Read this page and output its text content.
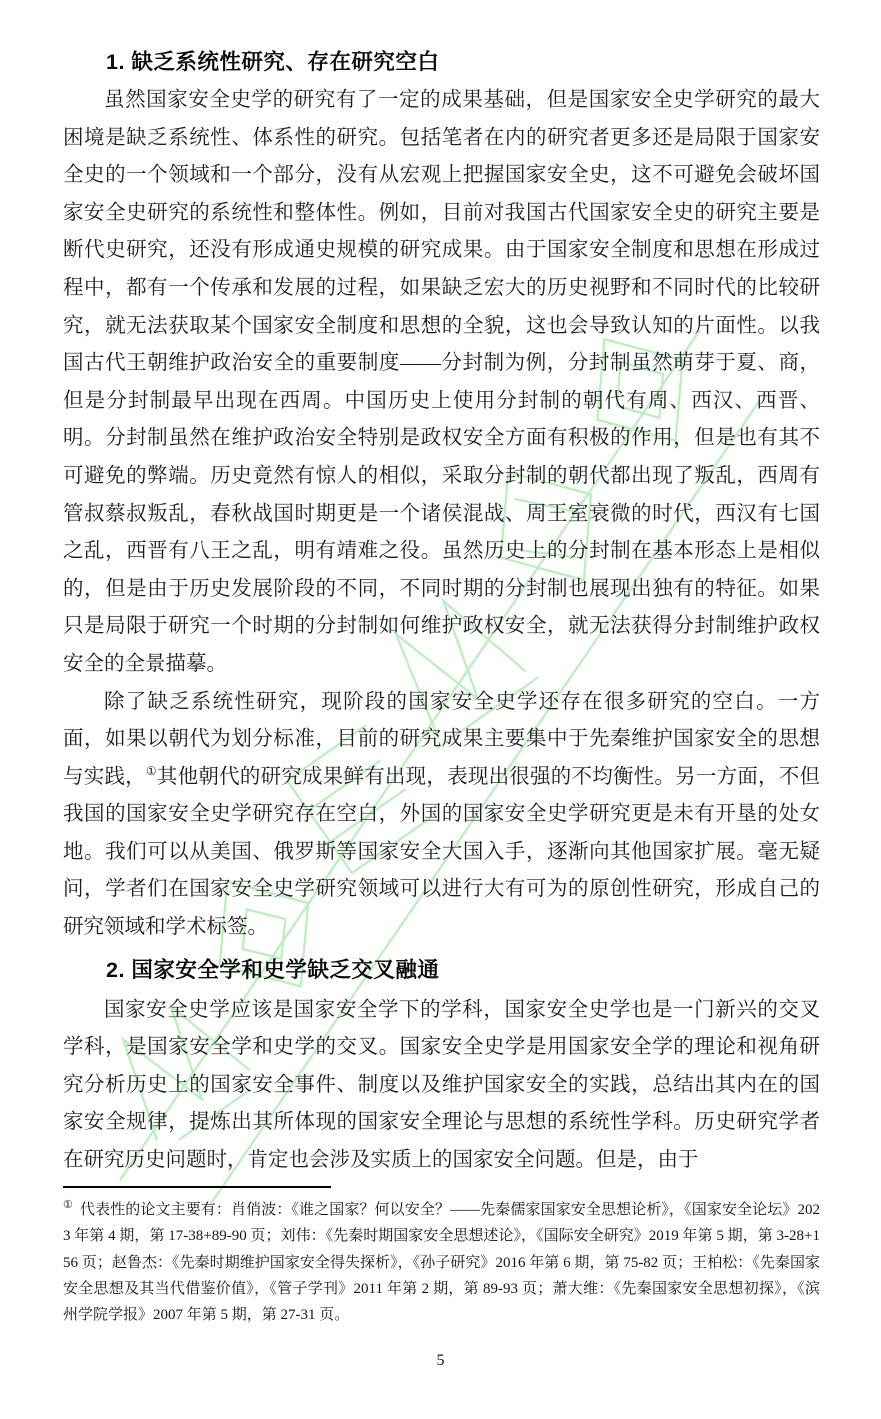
1. 缺乏系统性研究、存在研究空白

虽然国家安全史学的研究有了一定的成果基础，但是国家安全史学研究的最大困境是缺乏系统性、体系性的研究。包括笔者在内的研究者更多还是局限于国家安全史的一个领域和一个部分，没有从宏观上把握国家安全史，这不可避免会破坏国家安全史研究的系统性和整体性。例如，目前对我国古代国家安全史的研究主要是断代史研究，还没有形成通史规模的研究成果。由于国家安全制度和思想在形成过程中，都有一个传承和发展的过程，如果缺乏宏大的历史视野和不同时代的比较研究，就无法获取某个国家安全制度和思想的全貌，这也会导致认知的片面性。以我国古代王朝维护政治安全的重要制度——分封制为例，分封制虽然萌芽于夏、商，但是分封制最早出现在西周。中国历史上使用分封制的朝代有周、西汉、西晋、明。分封制虽然在维护政治安全特别是政权安全方面有积极的作用，但是也有其不可避免的弊端。历史竟然有惊人的相似，采取分封制的朝代都出现了叛乱，西周有管叔蔡叔叛乱，春秋战国时期更是一个诸侯混战、周王室衰微的时代，西汉有七国之乱，西晋有八王之乱，明有靖难之役。虽然历史上的分封制在基本形态上是相似的，但是由于历史发展阶段的不同，不同时期的分封制也展现出独有的特征。如果只是局限于研究一个时期的分封制如何维护政权安全，就无法获得分封制维护政权安全的全景描摹。

除了缺乏系统性研究，现阶段的国家安全史学还存在很多研究的空白。一方面，如果以朝代为划分标准，目前的研究成果主要集中于先秦维护国家安全的思想与实践，①其他朝代的研究成果鲜有出现，表现出很强的不均衡性。另一方面，不但我国的国家安全史学研究存在空白，外国的国家安全史学研究更是未有开垦的处女地。我们可以从美国、俄罗斯等国家安全大国入手，逐渐向其他国家扩展。毫无疑问，学者们在国家安全史学研究领域可以进行大有可为的原创性研究，形成自己的研究领域和学术标签。

2. 国家安全学和史学缺乏交叉融通

国家安全史学应该是国家安全学下的学科，国家安全史学也是一门新兴的交叉学科，是国家安全学和史学的交叉。国家安全史学是用国家安全学的理论和视角研究分析历史上的国家安全事件、制度以及维护国家安全的实践，总结出其内在的国家安全规律，提炼出其所体现的国家安全理论与思想的系统性学科。历史研究学者在研究历史问题时，肯定也会涉及实质上的国家安全问题。但是，由于

① 代表性的论文主要有：肖俏波：《谁之国家？何以安全？——先秦儒家国家安全思想论析》，《国家安全论坛》2023 年第 4 期，第 17-38+89-90 页；刘伟：《先秦时期国家安全思想述论》，《国际安全研究》2019 年第 5 期，第 3-28+156 页；赵鲁杰：《先秦时期维护国家安全得失探析》，《孙子研究》2016 年第 6 期，第 75-82 页；王柏松：《先秦国家安全思想及其当代借鉴价值》，《管子学刊》2011 年第 2 期，第 89-93 页；萧大维：《先秦国家安全思想初探》，《滨州学院学报》2007 年第 5 期，第 27-31 页。
5
